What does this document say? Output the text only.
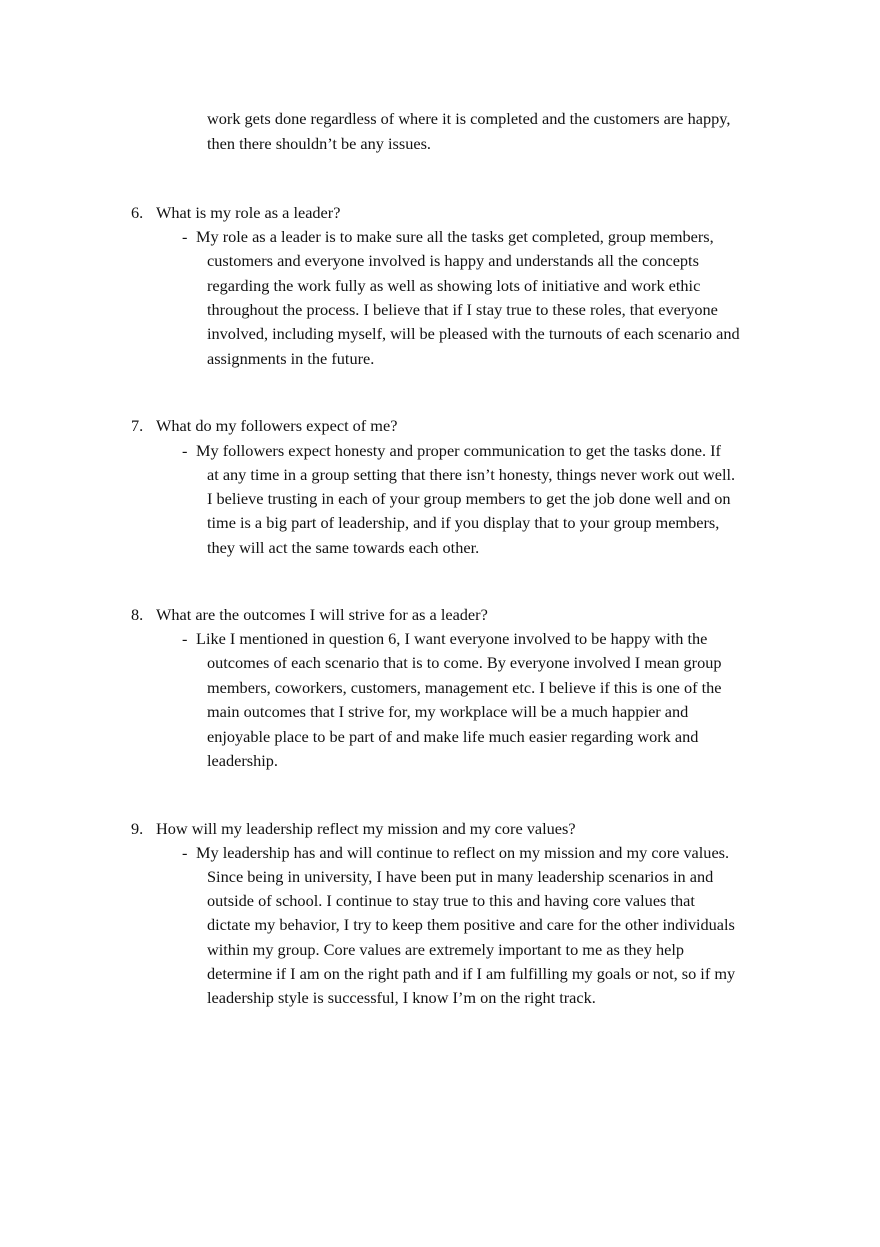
work gets done regardless of where it is completed and the customers are happy,
then there shouldn’t be any issues.
6. What is my role as a leader?
- My role as a leader is to make sure all the tasks get completed, group members,
customers and everyone involved is happy and understands all the concepts
regarding the work fully as well as showing lots of initiative and work ethic
throughout the process. I believe that if I stay true to these roles, that everyone
involved, including myself, will be pleased with the turnouts of each scenario and
assignments in the future.
7. What do my followers expect of me?
- My followers expect honesty and proper communication to get the tasks done. If
at any time in a group setting that there isn’t honesty, things never work out well.
I believe trusting in each of your group members to get the job done well and on
time is a big part of leadership, and if you display that to your group members,
they will act the same towards each other.
8. What are the outcomes I will strive for as a leader?
- Like I mentioned in question 6, I want everyone involved to be happy with the
outcomes of each scenario that is to come. By everyone involved I mean group
members, coworkers, customers, management etc. I believe if this is one of the
main outcomes that I strive for, my workplace will be a much happier and
enjoyable place to be part of and make life much easier regarding work and
leadership.
9. How will my leadership reflect my mission and my core values?
- My leadership has and will continue to reflect on my mission and my core values.
Since being in university, I have been put in many leadership scenarios in and
outside of school. I continue to stay true to this and having core values that
dictate my behavior, I try to keep them positive and care for the other individuals
within my group. Core values are extremely important to me as they help
determine if I am on the right path and if I am fulfilling my goals or not, so if my
leadership style is successful, I know I’m on the right track.
